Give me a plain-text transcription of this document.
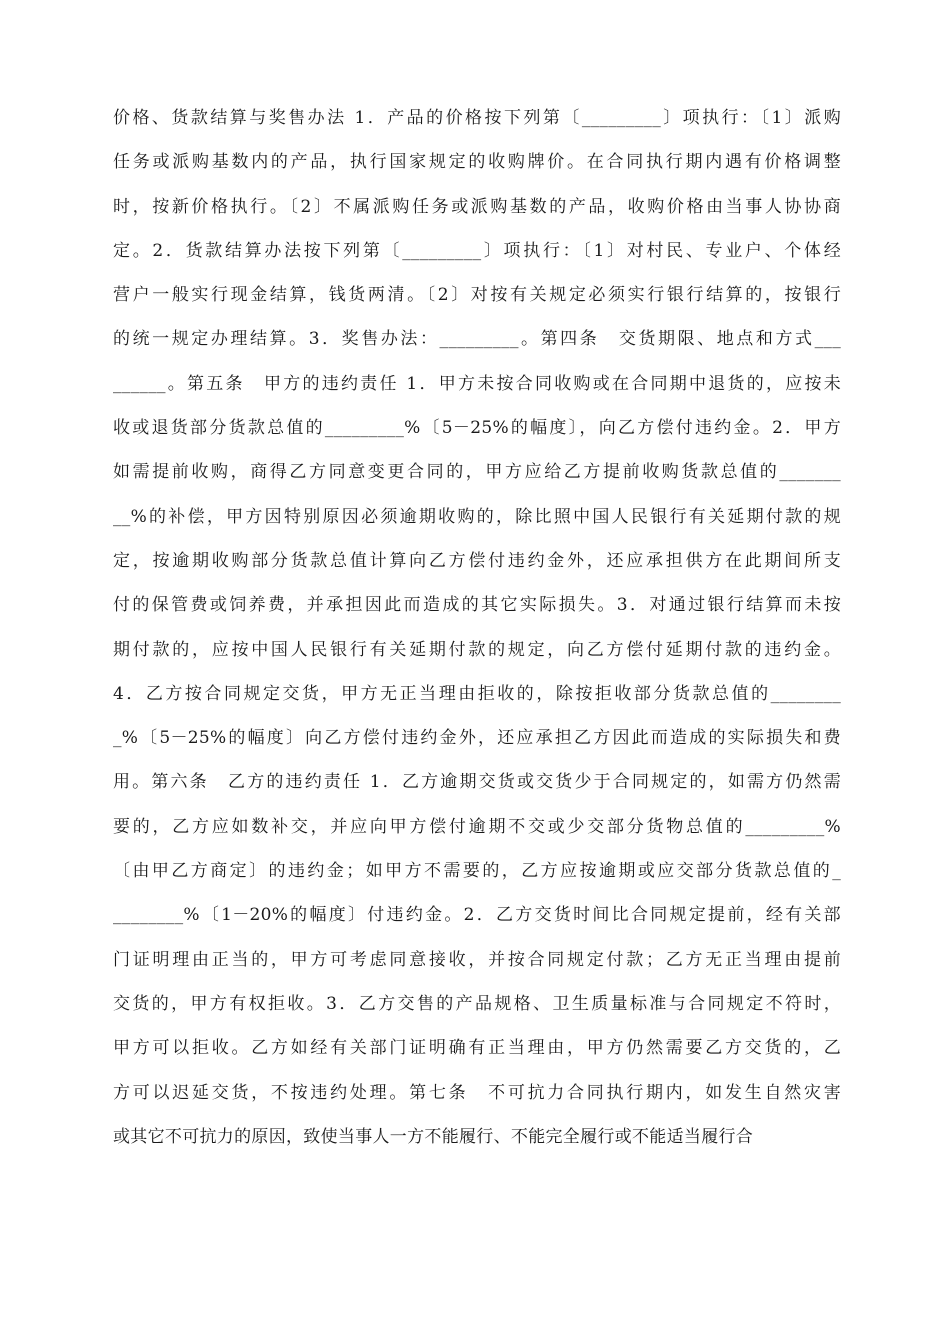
价格、货款结算与奖售办法 1．产品的价格按下列第〔_________〕项执行：〔1〕派购
任务或派购基数内的产品，执行国家规定的收购牌价。在合同执行期内遇有价格调整
时，按新价格执行。〔2〕不属派购任务或派购基数的产品，收购价格由当事人协协商
定。2．货款结算办法按下列第〔_________〕项执行：〔1〕对村民、专业户、个体经
营户一般实行现金结算，钱货两清。〔2〕对按有关规定必须实行银行结算的，按银行
的统一规定办理结算。3．奖售办法：_________。第四条　交货期限、地点和方式___
______。第五条　甲方的违约责任 1．甲方未按合同收购或在合同期中退货的，应按未
收或退货部分货款总值的_________%〔5－25%的幅度〕，向乙方偿付违约金。2．甲方
如需提前收购，商得乙方同意变更合同的，甲方应给乙方提前收购货款总值的_______
__%的补偿，甲方因特别原因必须逾期收购的，除比照中国人民银行有关延期付款的规
定，按逾期收购部分货款总值计算向乙方偿付违约金外，还应承担供方在此期间所支
付的保管费或饲养费，并承担因此而造成的其它实际损失。3．对通过银行结算而未按
期付款的，应按中国人民银行有关延期付款的规定，向乙方偿付延期付款的违约金。
4．乙方按合同规定交货，甲方无正当理由拒收的，除按拒收部分货款总值的________
_%〔5－25%的幅度〕向乙方偿付违约金外，还应承担乙方因此而造成的实际损失和费
用。第六条　乙方的违约责任 1．乙方逾期交货或交货少于合同规定的，如需方仍然需
要的，乙方应如数补交，并应向甲方偿付逾期不交或少交部分货物总值的_________%
〔由甲乙方商定〕的违约金；如甲方不需要的，乙方应按逾期或应交部分货款总值的_
________%〔1－20%的幅度〕付违约金。2．乙方交货时间比合同规定提前，经有关部
门证明理由正当的，甲方可考虑同意接收，并按合同规定付款；乙方无正当理由提前
交货的，甲方有权拒收。3．乙方交售的产品规格、卫生质量标准与合同规定不符时，
甲方可以拒收。乙方如经有关部门证明确有正当理由，甲方仍然需要乙方交货的，乙
方可以迟延交货，不按违约处理。第七条　不可抗力合同执行期内，如发生自然灾害
或其它不可抗力的原因，致使当事人一方不能履行、不能完全履行或不能适当履行合
